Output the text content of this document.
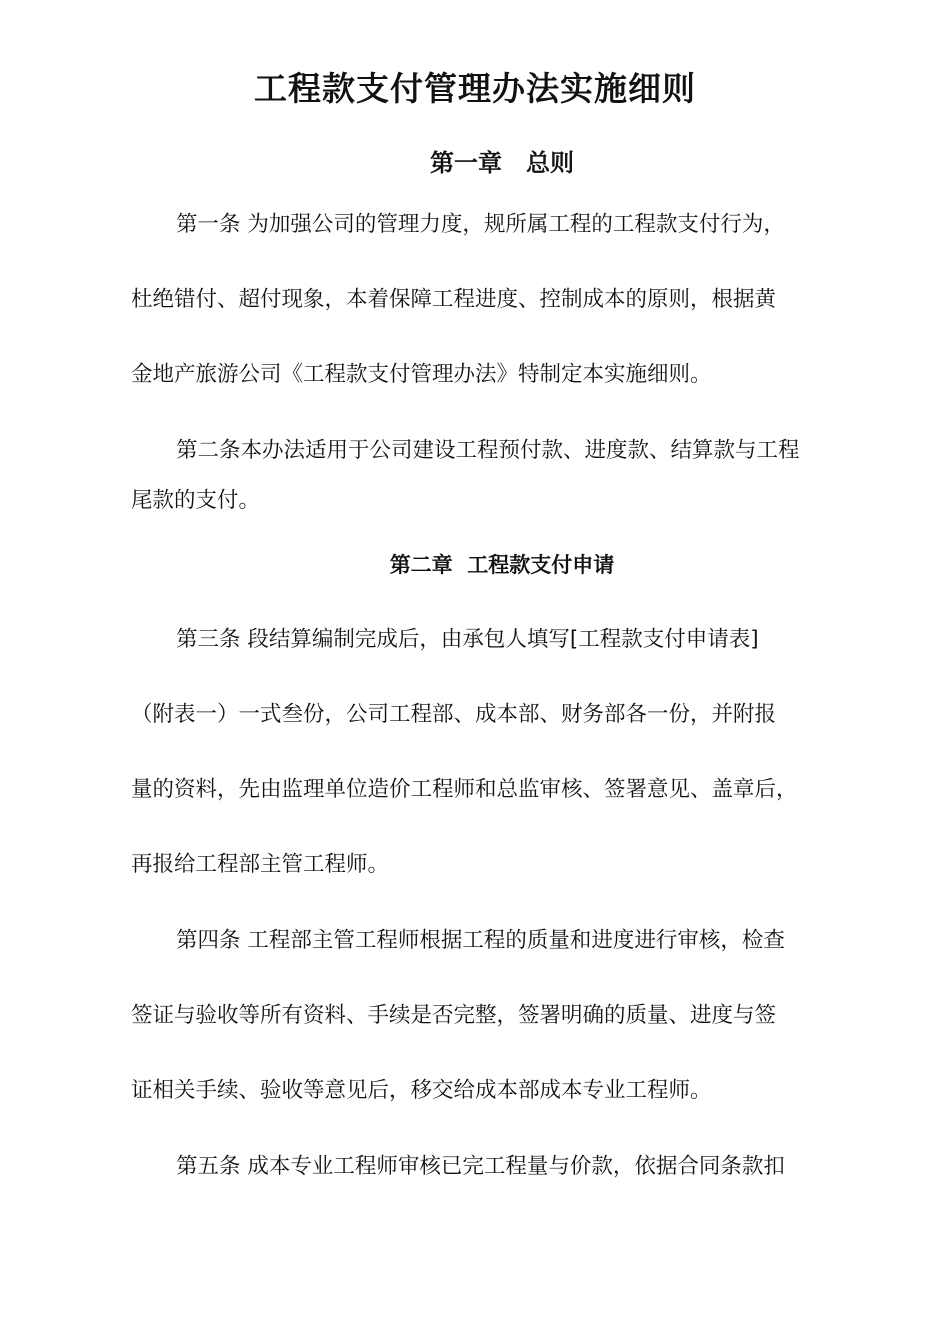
工程款支付管理办法实施细则
第一章　总则

第一条 为加强公司的管理力度，规所属工程的工程款支付行为，

杜绝错付、超付现象，本着保障工程进度、控制成本的原则，根据黄

金地产旅游公司《工程款支付管理办法》特制定本实施细则。

第二条本办法适用于公司建设工程预付款、进度款、结算款与工程

尾款的支付。

第二章  工程款支付申请

第三条 段结算编制完成后，由承包人填写[工程款支付申请表]

（附表一）一式叁份，公司工程部、成本部、财务部各一份，并附报

量的资料，先由监理单位造价工程师和总监审核、签署意见、盖章后，

再报给工程部主管工程师。

第四条 工程部主管工程师根据工程的质量和进度进行审核，检查

签证与验收等所有资料、手续是否完整，签署明确的质量、进度与签

证相关手续、验收等意见后，移交给成本部成本专业工程师。

第五条 成本专业工程师审核已完工程量与价款，依据合同条款扣
